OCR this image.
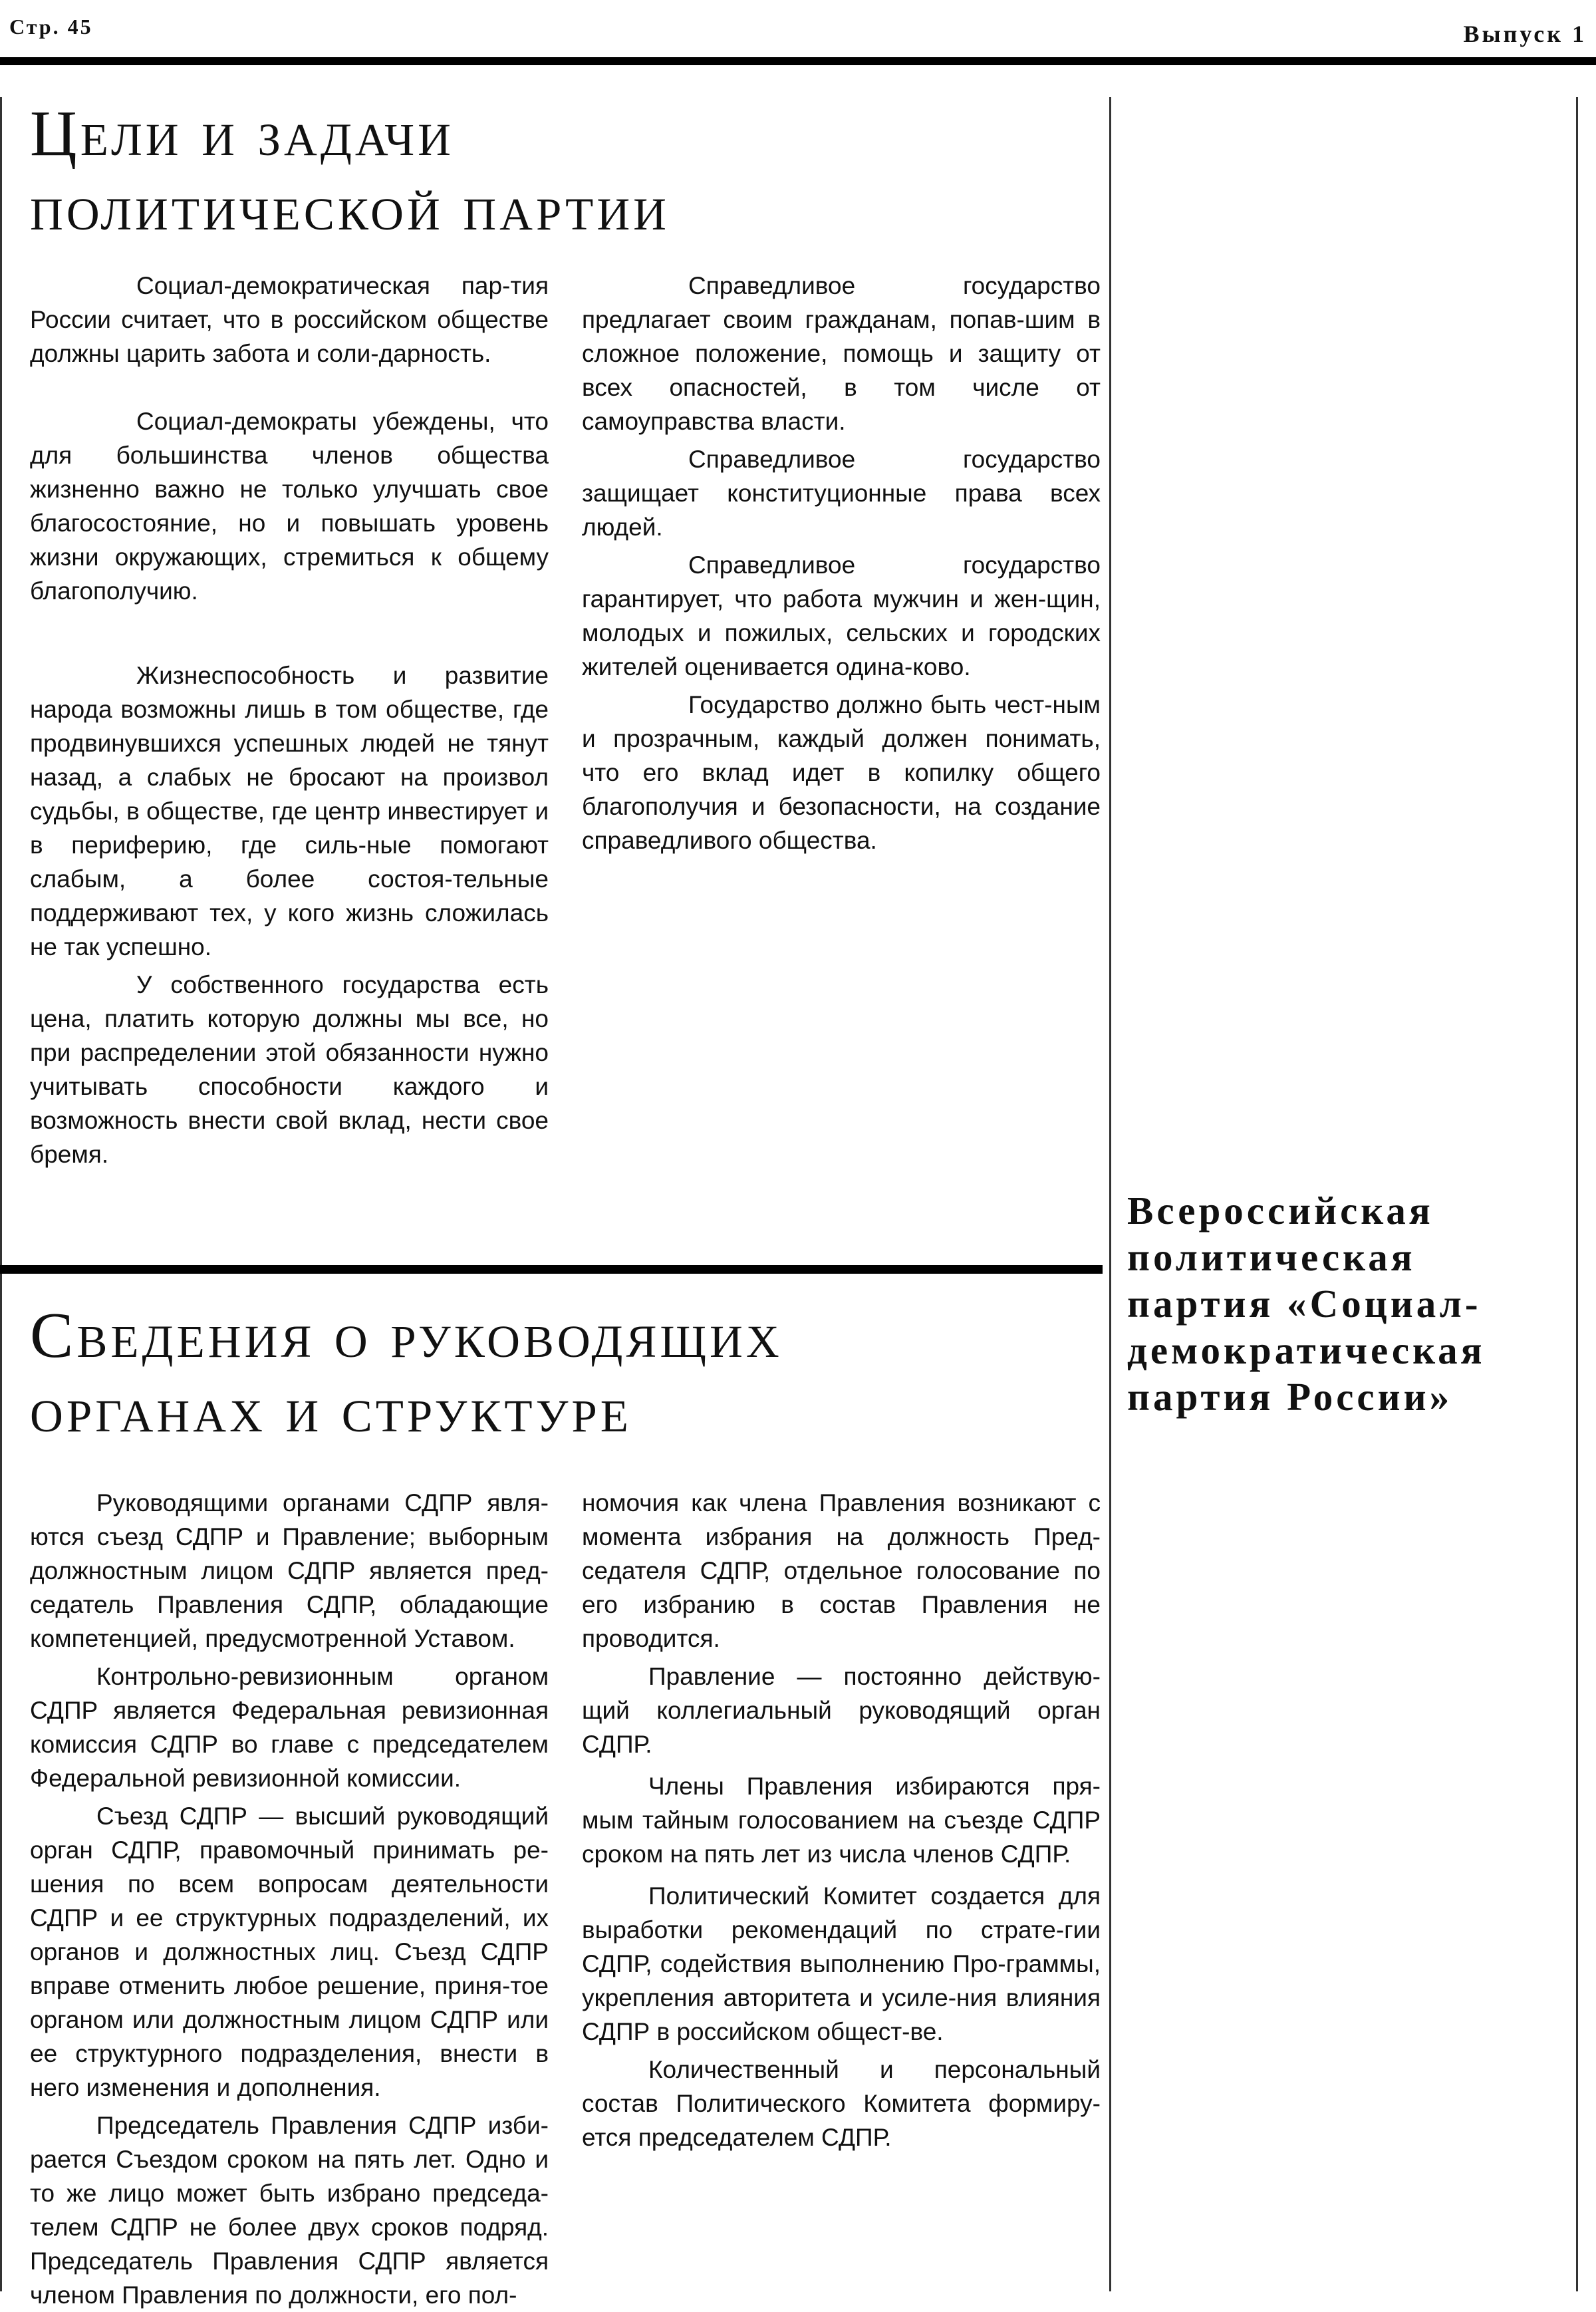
Стр. 45	Выпуск 1
Цели и задачи
политической партии

Социал-демократическая пар-тия России считает, что в российском обществе должны царить забота и соли-дарность.

Социал-демократы убеждены, что для большинства членов общества жизненно важно не только улучшать свое благосостояние, но и повышать уровень жизни окружающих, стремиться к общему благополучию.

Жизнеспособность и развитие народа возможны лишь в том обществе, где продвинувшихся успешных людей не тянут назад, а слабых не бросают на произвол судьбы, в обществе, где центр инвестирует и в периферию, где силь-ные помогают слабым, а более состоя-тельные поддерживают тех, у кого жизнь сложилась не так успешно.

У собственного государства есть цена, платить которую должны мы все, но при распределении этой обязанности нужно учитывать способности каждого и возможность внести свой вклад, нести свое бремя.

Справедливое государство предлагает своим гражданам, попав-шим в сложное положение, помощь и защиту от всех опасностей, в том числе от самоуправства власти.

Справедливое государство защищает конституционные права всех людей.

Справедливое государство гарантирует, что работа мужчин и жен-щин, молодых и пожилых, сельских и городских жителей оценивается одина-ково.

Государство должно быть чест-ным и прозрачным, каждый должен понимать, что его вклад идет в копилку общего благополучия и безопасности, на создание справедливого общества.

Сведения о руководящих
органах и структуре

Руководящими органами СДПР явля-ются съезд СДПР и Правление; выборным должностным лицом СДПР является пред-седатель Правления СДПР, обладающие компетенцией, предусмотренной Уставом.

Контрольно-ревизионным органом СДПР является Федеральная ревизионная комиссия СДПР во главе с председателем Федеральной ревизионной комиссии.

Съезд СДПР — высший руководящий орган СДПР, правомочный принимать ре-шения по всем вопросам деятельности СДПР и ее структурных подразделений, их органов и должностных лиц. Съезд СДПР вправе отменить любое решение, приня-тое органом или должностным лицом СДПР или ее структурного подразделения, внести в него изменения и дополнения.

Председатель Правления СДПР изби-рается Съездом сроком на пять лет. Одно и то же лицо может быть избрано председа-телем СДПР не более двух сроков подряд. Председатель Правления СДПР является членом Правления по должности, его пол-

номочия как члена Правления возникают с момента избрания на должность Пред-седателя СДПР, отдельное голосование по его избранию в состав Правления не проводится.

Правление — постоянно действую-щий коллегиальный руководящий орган СДПР.

Члены Правления избираются пря-мым тайным голосованием на съезде СДПР сроком на пять лет из числа членов СДПР.

Политический Комитет создается для выработки рекомендаций по страте-гии СДПР, содействия выполнению Про-граммы, укрепления авторитета и усиле-ния влияния СДПР в российском общест-ве.

Количественный и персональный состав Политического Комитета формиру-ется председателем СДПР.

Всероссийская политическая партия «Социал-демократическая партия России»
